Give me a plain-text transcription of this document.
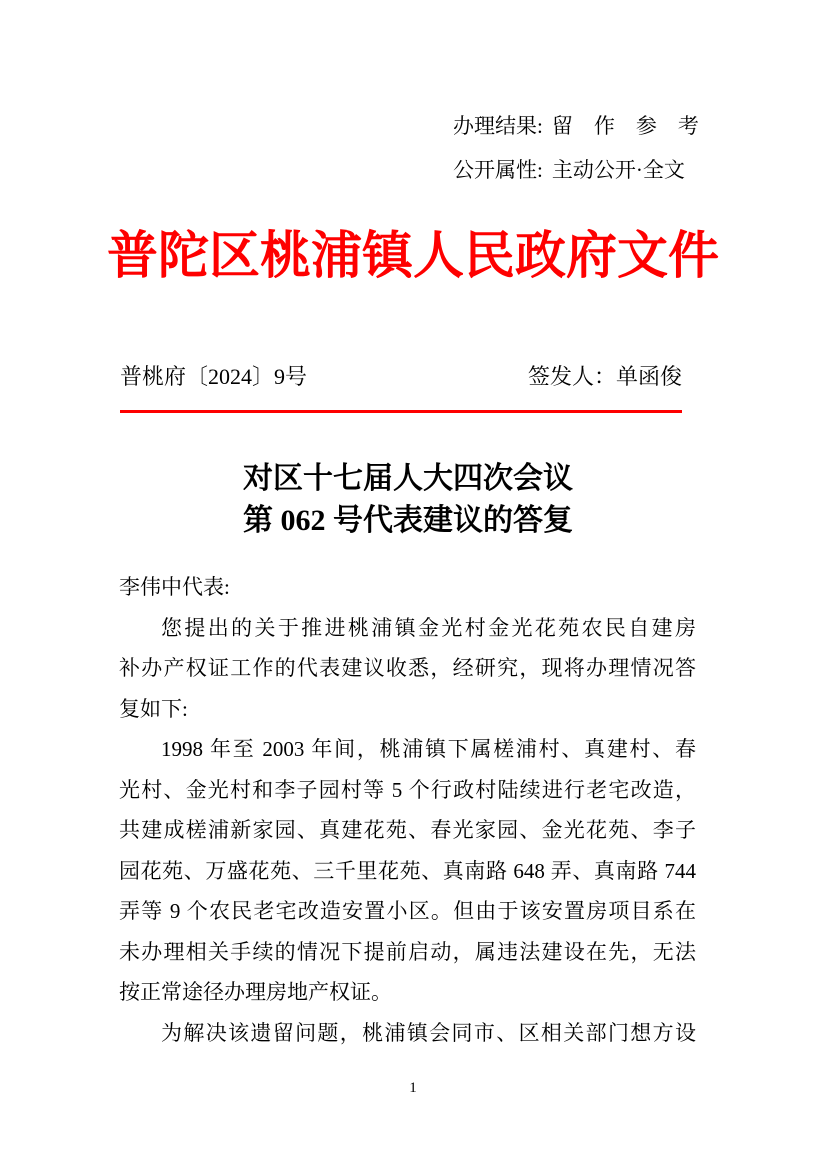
办理结果: 留　作　参　考
公开属性: 主动公开·全文
普陀区桃浦镇人民政府文件
普桃府〔2024〕9号	签发人：单函俊
对区十七届人大四次会议
第 062 号代表建议的答复
李伟中代表:
您提出的关于推进桃浦镇金光村金光花苑农民自建房
补办产权证工作的代表建议收悉，经研究，现将办理情况答
复如下:
1998 年至 2003 年间，桃浦镇下属槎浦村、真建村、春
光村、金光村和李子园村等 5 个行政村陆续进行老宅改造，
共建成槎浦新家园、真建花苑、春光家园、金光花苑、李子
园花苑、万盛花苑、三千里花苑、真南路 648 弄、真南路 744
弄等 9 个农民老宅改造安置小区。但由于该安置房项目系在
未办理相关手续的情况下提前启动，属违法建设在先，无法
按正常途径办理房地产权证。
为解决该遗留问题，桃浦镇会同市、区相关部门想方设
1
